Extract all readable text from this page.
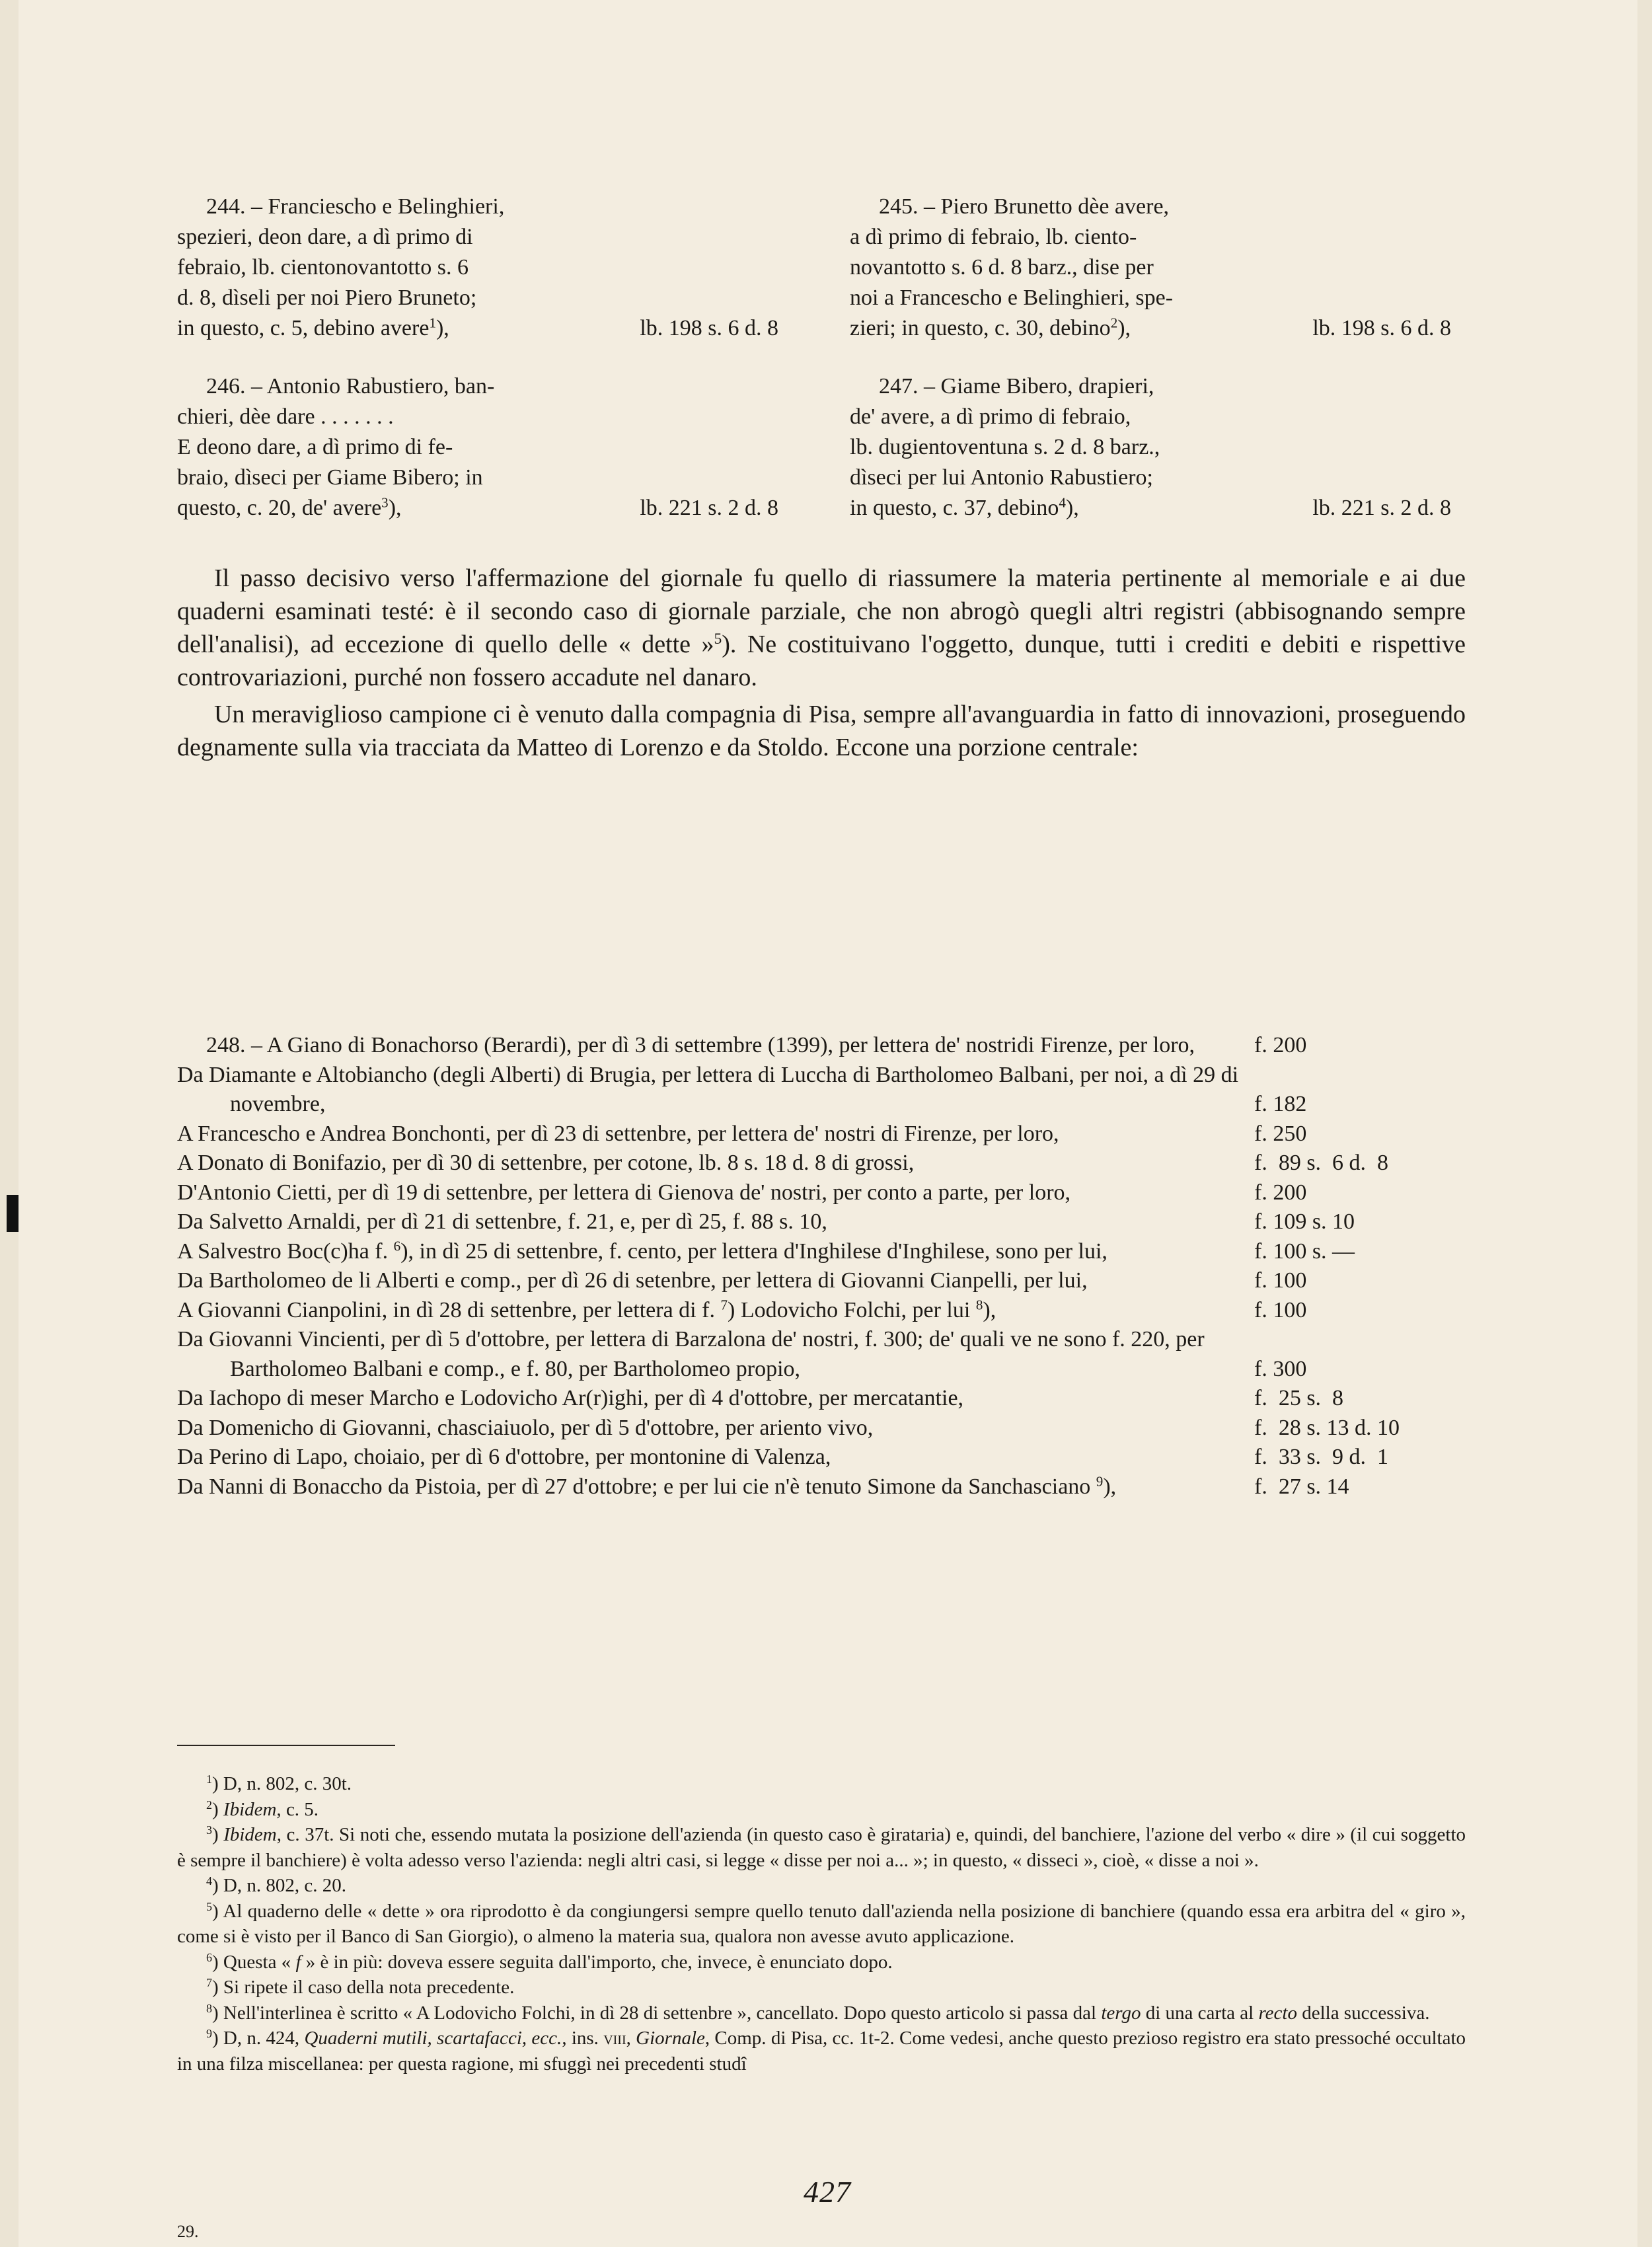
244. – Franciescho e Belinghieri,

spezieri, deon dare, a dì primo di

febraio, lb. cientonovantotto s. 6

d. 8, dìseli per noi Piero Bruneto;

in questo, c. 5, debino avere$^1$),	lb. 198 s. 6 d. 8

245. – Piero Brunetto dèe avere,

a dì primo di febraio, lb. ciento-

novantotto s. 6 d. 8 barz., dise per

noi a Francescho e Belinghieri, spe-

zieri; in questo, c. 30, debino$^2$),	lb. 198 s. 6 d. 8

246. – Antonio Rabustiero, ban-

chieri, dèe dare . . . . . . .

E deono dare, a dì primo di fe-

braio, dìseci per Giame Bibero; in

questo, c. 20, de' avere$^3$),	lb. 221 s. 2 d. 8

247. – Giame Bibero, drapieri,

de' avere, a dì primo di febraio,

lb. dugientoventuna s. 2 d. 8 barz.,

dìseci per lui Antonio Rabustiero;

in questo, c. 37, debino$^4$),	lb. 221 s. 2 d. 8

Il passo decisivo verso l'affermazione del giornale fu quello di riassumere la materia pertinente al memoriale e ai due quaderni esaminati testé: è il secondo caso di giornale parziale, che non abrogò quegli altri registri (abbisognando sempre dell'analisi), ad eccezione di quello delle « dette »$^5$). Ne costituivano l'oggetto, dunque, tutti i crediti e debiti e rispettive controvariazioni, purché non fossero accadute nel danaro.

Un meraviglioso campione ci è venuto dalla compagnia di Pisa, sempre all'avanguardia in fatto di innovazioni, proseguendo degnamente sulla via tracciata da Matteo di Lorenzo e da Stoldo. Eccone una porzione centrale:

248. – A Giano di Bonachorso (Berardi), per dì 3 di settembre (1399), per lettera de' nostridi Firenze, per loro,	f. 200
Da Diamante e Altobiancho (degli Alberti) di Brugia, per lettera di Luccha di Bartholomeo Balbani, per noi, a dì 29 di novembre,	f. 182
A Franceschо e Andrea Bonchonti, per dì 23 di settenbre, per lettera de' nostri di Firenze, per loro,	f. 250
A Donato di Bonifazio, per dì 30 di settenbre, per cotone, lb. 8 s. 18 d. 8 di grossi,	f.  89 s.  6 d.  8
D'Antonio Cietti, per dì 19 di settenbre, per lettera di Gienova de' nostri, per conto a parte, per loro,	f. 200
Da Salvetto Arnaldi, per dì 21 di settenbre, f. 21, e, per dì 25, f. 88 s. 10,	f. 109 s. 10
A Salvestro Boc(c)ha f. $^6$), in dì 25 di settenbre, f. cento, per lettera d'Inghilese d'Inghilese, sono per lui,	f. 100 s. —
Da Bartholomeo de li Alberti e comp., per dì 26 di setenbre, per lettera di Giovanni Cianpelli, per lui,	f. 100
A Giovanni Cianpolini, in dì 28 di settenbre, per lettera di f. $^7$) Lodovicho Folchi, per lui $^8$),	f. 100
Da Giovanni Vincienti, per dì 5 d'ottobre, per lettera di Barzalona de' nostri, f. 300; de' quali ve ne sono f. 220, per Bartholomeo Balbani e comp., e f. 80, per Bartholomeo propio,	f. 300
Da Iachopo di meser Marcho e Lodovicho Ar(r)ighi, per dì 4 d'ottobre, per mercatantie,	f.  25 s.  8
Da Domenicho di Giovanni, chasciaiuolo, per dì 5 d'ottobre, per ariento vivo,	f.  28 s. 13 d. 10
Da Perino di Lapo, choiaio, per dì 6 d'ottobre, per montonine di Valenza,	f.  33 s.  9 d.  1
Da Nanni di Bonaccho da Pistoia, per dì 27 d'ottobre; e per lui cie n'è tenuto Simone da Sanchasciano $^9$),	f.  27 s. 14

$^1$) D, n. 802, c. 30t.

$^2$) Ibidem, c. 5.

$^3$) Ibidem, c. 37t. Si noti che, essendo mutata la posizione dell'azienda (in questo caso è girataria) e, quindi, del banchiere, l'azione del verbo « dire » (il cui soggetto è sempre il banchiere) è volta adesso verso l'azienda: negli altri casi, si legge « disse per noi a... »; in questo, « disseci », cioè, « disse a noi ».

$^4$) D, n. 802, c. 20.

$^5$) Al quaderno delle « dette » ora riprodotto è da congiungersi sempre quello tenuto dall'azienda nella posizione di banchiere (quando essa era arbitra del « giro », come si è visto per il Banco di San Giorgio), o almeno la materia sua, qualora non avesse avuto applicazione.

$^6$) Questa « f » è in più: doveva essere seguita dall'importo, che, invece, è enunciato dopo.

$^7$) Si ripete il caso della nota precedente.

$^8$) Nell'interlinea è scritto « A Lodovicho Folchi, in dì 28 di settenbre », cancellato. Dopo questo articolo si passa dal tergo di una carta al recto della successiva.

$^9$) D, n. 424, Quaderni mutili, scartafacci, ecc., ins. viii, Giornale, Comp. di Pisa, cc. 1t-2. Come vedesi, anche questo prezioso registro era stato pressoché occultato in una filza miscellanea: per questa ragione, mi sfuggì nei precedenti studî

427
29.
